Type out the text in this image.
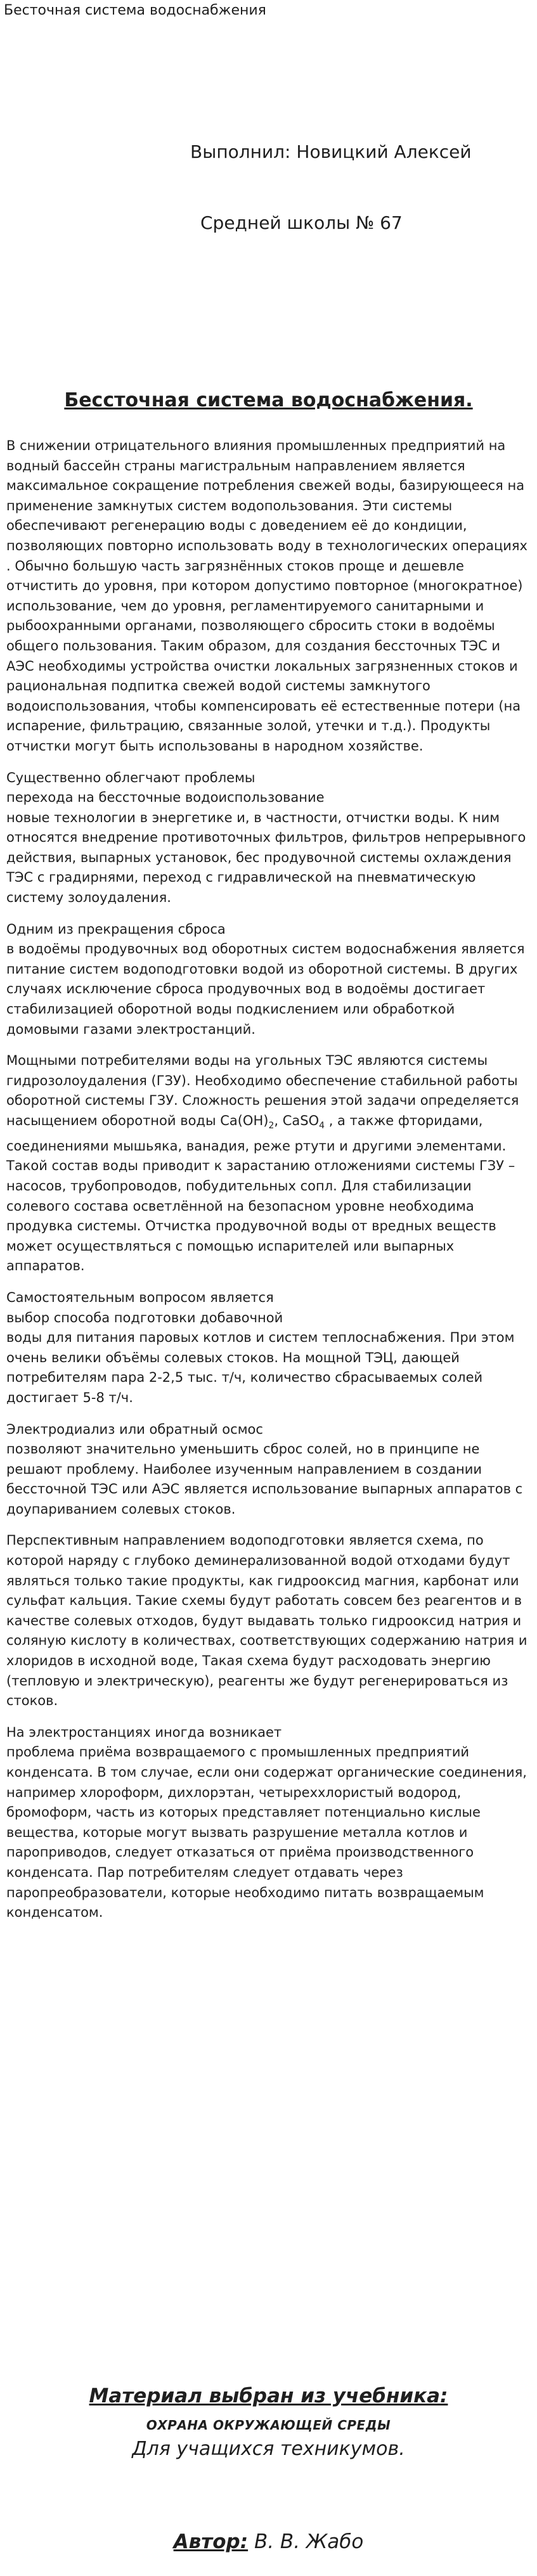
Бесточная система водоснабжения
Выполнил: Новицкий Алексей
Средней школы № 67
Бессточная система водоснабжения.

В снижении отрицательного влияния промышленных предприятий на водный бассейн страны магистральным направлением является максимальное сокращение потребления свежей воды, базирующееся на применение замкнутых систем водопользования. Эти системы обеспечивают регенерацию воды с доведением её до кондиции, позволяющих повторно использовать воду в технологических операциях . Обычно большую часть загрязнённых стоков проще и дешевле отчистить до уровня, при котором допустимо повторное (многократное) использование, чем до уровня, регламентируемого санитарными и рыбоохранными органами, позволяющего сбросить стоки в водоёмы общего пользования. Таким образом, для создания бессточных ТЭС и АЭС необходимы устройства очистки локальных загрязненных стоков и рациональная подпитка свежей водой системы замкнутого водоиспользования, чтобы компенсировать её естественные потери (на испарение, фильтрацию, связанные золой, утечки и т.д.). Продукты отчистки могут быть использованы в народном хозяйстве.

Существенно облегчают проблемы
перехода на бессточные водоиспользование
новые технологии в энергетике и, в частности, отчистки воды. К ним относятся внедрение противоточных фильтров, фильтров непрерывного действия, выпарных установок, бес продувочной системы охлаждения ТЭС с градирнями, переход с гидравлической на пневматическую систему золоудаления.

Одним из прекращения сброса
в водоёмы продувочных вод оборотных систем водоснабжения является питание систем водоподготовки водой из оборотной системы. В других случаях исключение сброса продувочных вод в водоёмы достигает стабилизацией оборотной воды подкислением или обработкой домовыми газами электростанций.

Мощными потребителями воды на угольных ТЭС являются системы гидрозолоудаления (ГЗУ). Необходимо обеспечение стабильной работы оборотной системы ГЗУ. Сложность решения этой задачи определяется насыщением оборотной воды $Ca(OH)_2$, CaSO$_4$ , а также фторидами, соединениями мышьяка, ванадия, реже ртути и другими элементами. Такой состав воды приводит к зарастанию отложениями системы ГЗУ – насосов, трубопроводов, побудительных сопл. Для стабилизации солевого состава осветлённой на безопасном уровне необходима продувка системы. Отчистка продувочной воды от вредных веществ может осуществляться с помощью испарителей или выпарных аппаратов.

Самостоятельным вопросом является
выбор способа подготовки добавочной
воды для питания паровых котлов и систем теплоснабжения. При этом очень велики объёмы солевых стоков. На мощной ТЭЦ, дающей потребителям пара 2-2,5 тыс. т/ч, количество сбрасываемых солей достигает 5-8 т/ч.

Электродиализ или обратный осмос
позволяют значительно уменьшить сброс солей, но в принципе не решают проблему. Наиболее изученным направлением в создании бессточной ТЭС или АЭС является использование выпарных аппаратов с доупариванием солевых стоков.

Перспективным направлением водоподготовки является схема, по которой наряду с глубоко деминерализованной водой отходами будут являться только такие продукты, как гидрооксид магния, карбонат или сульфат кальция. Такие схемы будут работать совсем без реагентов и в качестве солевых отходов, будут выдавать только гидрооксид натрия и соляную кислоту в количествах, соответствующих содержанию натрия и хлоридов в исходной воде, Такая схема будут расходовать энергию (тепловую и электрическую), реагенты же будут регенерироваться из стоков.

На электростанциях иногда возникает
проблема приёма возвращаемого с промышленных предприятий конденсата. В том случае, если они содержат органические соединения, например хлороформ, дихлорэтан, четыреххлористый водород, бромоформ, часть из которых представляет потенциально кислые вещества, которые могут вызвать разрушение металла котлов и пароприводов, следует отказаться от приёма производственного конденсата. Пар потребителям следует отдавать через паропреобразователи, которые необходимо питать возвращаемым конденсатом.

Материал выбран из учебника:
ОХРАНА ОКРУЖАЮЩЕЙ СРЕДЫ
Для учащихся техникумов.
Автор: В. В. Жабо
